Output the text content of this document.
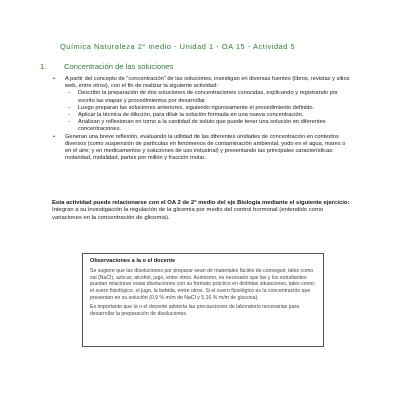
Química Naturaleza 2° medio - Unidad 1 - OA 15 - Actividad 5
1. Concentración de las soluciones
• A partir del concepto de "concentración" de las soluciones, investigan en diversas fuentes (libros, revistas y sitios web, entre otros), con el fin de realizar la siguiente actividad:
- Describir la preparación de dos soluciones de concentraciones conocidas, explicando y registrando por escrito las etapas y procedimientos por desarrollar.
- Luego preparan las soluciones anteriores, siguiendo rigurosamente el procedimiento definido.
- Aplicar la técnica de dilución, para diluir la solución formada en una nueva concentración.
- Analizan y reflexionan en torno a la cantidad de soluto que puede tener una solución en diferentes concentraciones.
• Generan una breve reflexión, evaluando la utilidad de las diferentes unidades de concentración en contextos diversos (como suspensión de partículas en fenómenos de contaminación ambiental, yodo en el agua, mares o en el aire; y en medicamentos y soluciones de uso industrial) y presentando las principales características: molaridad, molalidad, partes por millón y fracción molar.
Esta actividad puede relacionarse con el OA 2 de 2° medio del eje Biología mediante el siguiente ejercicio:
Integran a su investigación la regulación de la glicemia por medio del control hormonal (entendido como variaciones en la concentración de glicemia).
Observaciones a la o el docente

Se sugiere que las disoluciones por preparar sean de materiales fáciles de conseguir, tales como sal (NaCl), azúcar, alcohol, jugo, entre otros. Asimismo, es necesario que las y los estudiantes puedan relacionar estas disoluciones con su formato práctico en distintas situaciones, tales como: el suero fisiológico, el jugo, la bebida, entre otros. Si el suero fisiológico es la concentración que presentan en su solución (0,9 % m/m de NaCl y 5,16 % m/m de glucosa).

Es importante que la o el docente advierta las precauciones de laboratorio necesarias para desarrollar la preparación de disoluciones.
